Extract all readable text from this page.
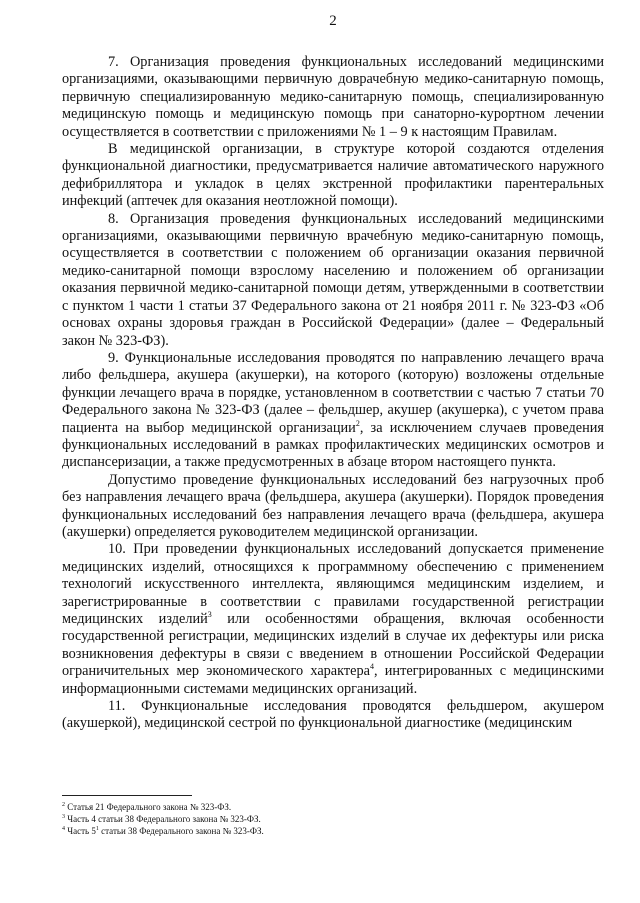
2

7. Организация проведения функциональных исследований медицинскими организациями, оказывающими первичную доврачебную медико-санитарную помощь, первичную специализированную медико-санитарную помощь, специализированную медицинскую помощь и медицинскую помощь при санаторно-курортном лечении осуществляется в соответствии с приложениями № 1 – 9 к настоящим Правилам.

В медицинской организации, в структуре которой создаются отделения функциональной диагностики, предусматривается наличие автоматического наружного дефибриллятора и укладок в целях экстренной профилактики парентеральных инфекций (аптечек для оказания неотложной помощи).

8. Организация проведения функциональных исследований медицинскими организациями, оказывающими первичную врачебную медико-санитарную помощь, осуществляется в соответствии с положением об организации оказания первичной медико-санитарной помощи взрослому населению и положением об организации оказания первичной медико-санитарной помощи детям, утвержденными в соответствии с пунктом 1 части 1 статьи 37 Федерального закона от 21 ноября 2011 г. № 323-ФЗ «Об основах охраны здоровья граждан в Российской Федерации» (далее – Федеральный закон № 323-ФЗ).

9. Функциональные исследования проводятся по направлению лечащего врача либо фельдшера, акушера (акушерки), на которого (которую) возложены отдельные функции лечащего врача в порядке, установленном в соответствии с частью 7 статьи 70 Федерального закона № 323-ФЗ (далее – фельдшер, акушер (акушерка), с учетом права пациента на выбор медицинской организации$^2$, за исключением случаев проведения функциональных исследований в рамках профилактических медицинских осмотров и диспансеризации, а также предусмотренных в абзаце втором настоящего пункта.

Допустимо проведение функциональных исследований без нагрузочных проб без направления лечащего врача (фельдшера, акушера (акушерки). Порядок проведения функциональных исследований без направления лечащего врача (фельдшера, акушера (акушерки) определяется руководителем медицинской организации.

10. При проведении функциональных исследований допускается применение медицинских изделий, относящихся к программному обеспечению с применением технологий искусственного интеллекта, являющимся медицинским изделием, и зарегистрированные в соответствии с правилами государственной регистрации медицинских изделий$^3$ или особенностями обращения, включая особенности государственной регистрации, медицинских изделий в случае их дефектуры или риска возникновения дефектуры в связи с введением в отношении Российской Федерации ограничительных мер экономического характера$^4$, интегрированных с медицинскими информационными системами медицинских организаций.

11. Функциональные исследования проводятся фельдшером, акушером (акушеркой), медицинской сестрой по функциональной диагностике (медицинским

$^2$ Статья 21 Федерального закона № 323-ФЗ.
$^3$ Часть 4 статьи 38 Федерального закона № 323-ФЗ.
$^4$ Часть $5^1$ статьи 38 Федерального закона № 323-ФЗ.
